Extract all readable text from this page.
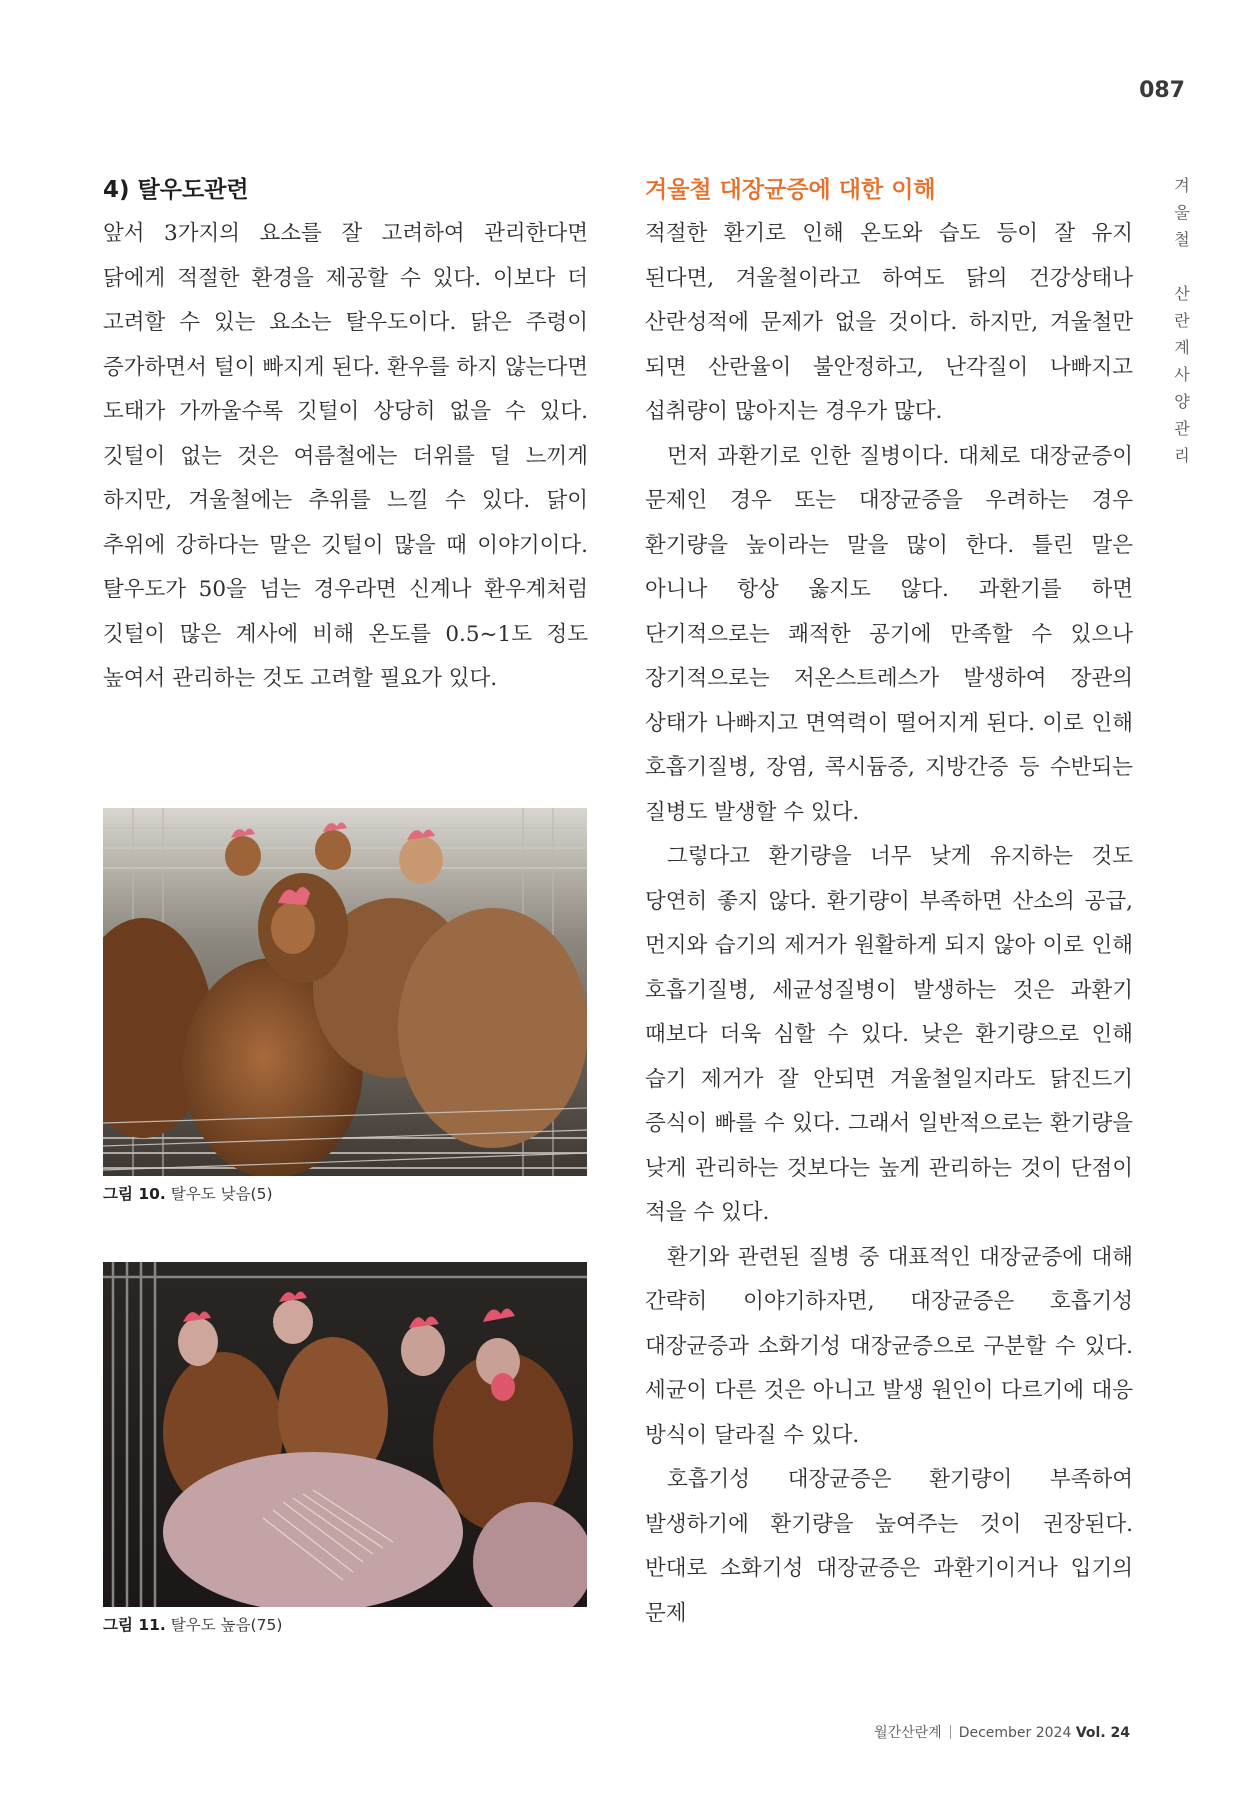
087
겨
울
철

산
란
계
사
양
관
리
4) 탈우도관련

앞서 3가지의 요소를 잘 고려하여 관리한다면 닭에게 적절한 환경을 제공할 수 있다. 이보다 더 고려할 수 있는 요소는 탈우도이다. 닭은 주령이 증가하면서 털이 빠지게 된다. 환우를 하지 않는다면 도태가 가까울수록 깃털이 상당히 없을 수 있다. 깃털이 없는 것은 여름철에는 더위를 덜 느끼게 하지만, 겨울철에는 추위를 느낄 수 있다. 닭이 추위에 강하다는 말은 깃털이 많을 때 이야기이다. 탈우도가 50을 넘는 경우라면 신계나 환우계처럼 깃털이 많은 계사에 비해 온도를 0.5~1도 정도 높여서 관리하는 것도 고려할 필요가 있다.

그림 10. 탈우도 낮음(5)
그림 11. 탈우도 높음(75)
겨울철 대장균증에 대한 이해

적절한 환기로 인해 온도와 습도 등이 잘 유지 된다면, 겨울철이라고 하여도 닭의 건강상태나 산란성적에 문제가 없을 것이다. 하지만, 겨울철만 되면 산란율이 불안정하고, 난각질이 나빠지고 섭취량이 많아지는 경우가 많다.

먼저 과환기로 인한 질병이다. 대체로 대장균증이 문제인 경우 또는 대장균증을 우려하는 경우 환기량을 높이라는 말을 많이 한다. 틀린 말은 아니나 항상 옳지도 않다. 과환기를 하면 단기적으로는 쾌적한 공기에 만족할 수 있으나 장기적으로는 저온스트레스가 발생하여 장관의 상태가 나빠지고 면역력이 떨어지게 된다. 이로 인해 호흡기질병, 장염, 콕시듐증, 지방간증 등 수반되는 질병도 발생할 수 있다.

그렇다고 환기량을 너무 낮게 유지하는 것도 당연히 좋지 않다. 환기량이 부족하면 산소의 공급, 먼지와 습기의 제거가 원활하게 되지 않아 이로 인해 호흡기질병, 세균성질병이 발생하는 것은 과환기 때보다 더욱 심할 수 있다. 낮은 환기량으로 인해 습기 제거가 잘 안되면 겨울철일지라도 닭진드기 증식이 빠를 수 있다. 그래서 일반적으로는 환기량을 낮게 관리하는 것보다는 높게 관리하는 것이 단점이 적을 수 있다.

환기와 관련된 질병 중 대표적인 대장균증에 대해 간략히 이야기하자면, 대장균증은 호흡기성 대장균증과 소화기성 대장균증으로 구분할 수 있다. 세균이 다른 것은 아니고 발생 원인이 다르기에 대응 방식이 달라질 수 있다.

호흡기성 대장균증은 환기량이 부족하여 발생하기에 환기량을 높여주는 것이 권장된다. 반대로 소화기성 대장균증은 과환기이거나 입기의 문제

월간산란계 December 2024 Vol. 24
